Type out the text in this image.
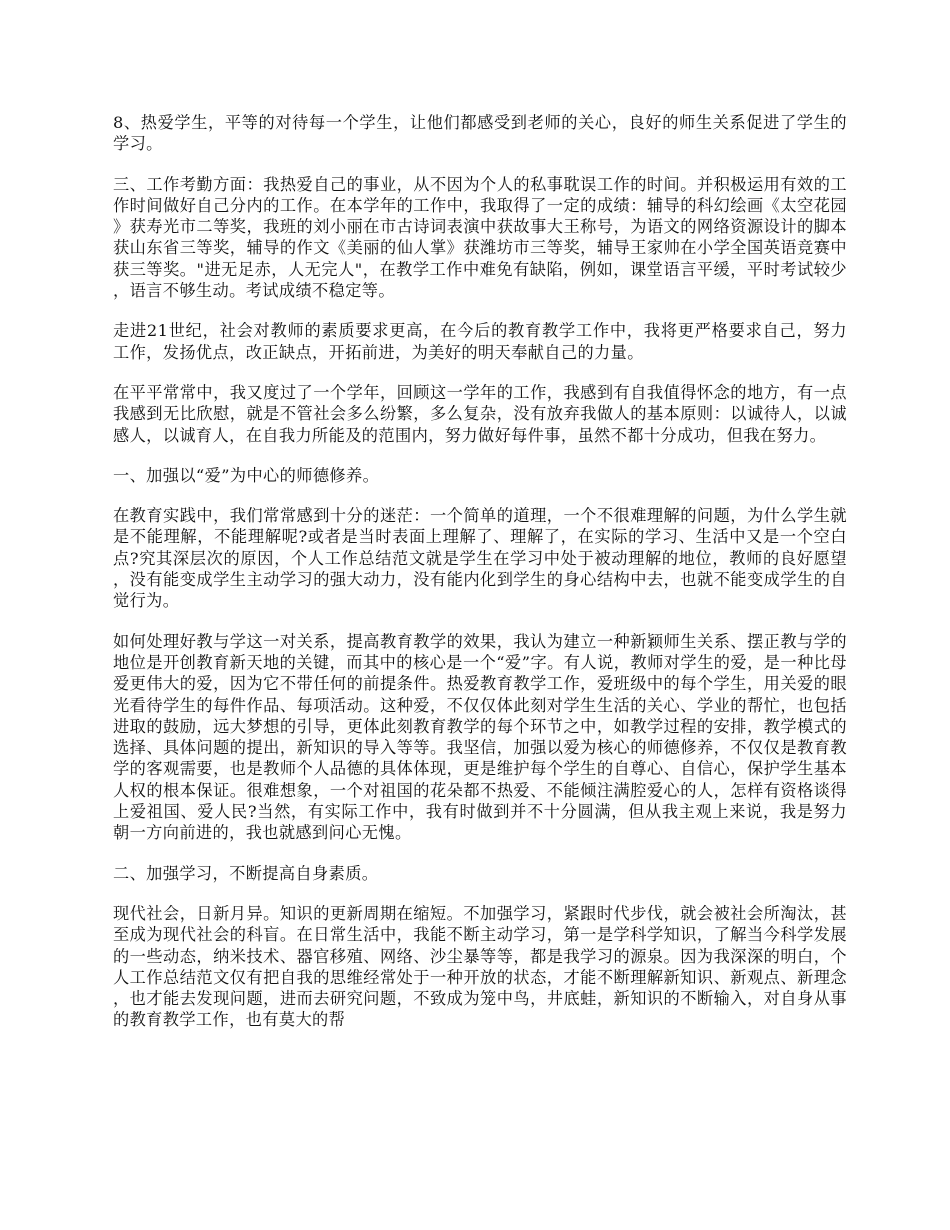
8、热爱学生，平等的对待每一个学生，让他们都感受到老师的关心，良好的师生关系促进了学生的学习。

三、工作考勤方面：我热爱自己的事业，从不因为个人的私事耽误工作的时间。并积极运用有效的工作时间做好自己分内的工作。在本学年的工作中，我取得了一定的成绩：辅导的科幻绘画《太空花园》获寿光市二等奖，我班的刘小丽在市古诗词表演中获故事大王称号，为语文的网络资源设计的脚本获山东省三等奖，辅导的作文《美丽的仙人掌》获潍坊市三等奖，辅导王家帅在小学全国英语竞赛中获三等奖。"进无足赤，人无完人"，在教学工作中难免有缺陷，例如，课堂语言平缓，平时考试较少，语言不够生动。考试成绩不稳定等。

走进21世纪，社会对教师的素质要求更高，在今后的教育教学工作中，我将更严格要求自己，努力工作，发扬优点，改正缺点，开拓前进，为美好的明天奉献自己的力量。

在平平常常中，我又度过了一个学年，回顾这一学年的工作，我感到有自我值得怀念的地方，有一点我感到无比欣慰，就是不管社会多么纷繁，多么复杂，没有放弃我做人的基本原则：以诚待人，以诚感人，以诚育人，在自我力所能及的范围内，努力做好每件事，虽然不都十分成功，但我在努力。

一、加强以“爱”为中心的师德修养。

在教育实践中，我们常常感到十分的迷茫：一个简单的道理，一个不很难理解的问题，为什么学生就是不能理解，不能理解呢?或者是当时表面上理解了、理解了，在实际的学习、生活中又是一个空白点?究其深层次的原因，个人工作总结范文就是学生在学习中处于被动理解的地位，教师的良好愿望，没有能变成学生主动学习的强大动力，没有能内化到学生的身心结构中去，也就不能变成学生的自觉行为。

如何处理好教与学这一对关系，提高教育教学的效果，我认为建立一种新颖师生关系、摆正教与学的地位是开创教育新天地的关键，而其中的核心是一个“爱”字。有人说，教师对学生的爱，是一种比母爱更伟大的爱，因为它不带任何的前提条件。热爱教育教学工作，爱班级中的每个学生，用关爱的眼光看待学生的每件作品、每项活动。这种爱，不仅仅体此刻对学生生活的关心、学业的帮忙，也包括进取的鼓励，远大梦想的引导，更体此刻教育教学的每个环节之中，如教学过程的安排，教学模式的选择、具体问题的提出，新知识的导入等等。我坚信，加强以爱为核心的师德修养，不仅仅是教育教学的客观需要，也是教师个人品德的具体体现，更是维护每个学生的自尊心、自信心，保护学生基本人权的根本保证。很难想象，一个对祖国的花朵都不热爱、不能倾注满腔爱心的人，怎样有资格谈得上爱祖国、爱人民?当然，有实际工作中，我有时做到并不十分圆满，但从我主观上来说，我是努力朝一方向前进的，我也就感到问心无愧。

二、加强学习，不断提高自身素质。

现代社会，日新月异。知识的更新周期在缩短。不加强学习，紧跟时代步伐，就会被社会所淘汰，甚至成为现代社会的科盲。在日常生活中，我能不断主动学习，第一是学科学知识，了解当今科学发展的一些动态，纳米技术、器官移殖、网络、沙尘暴等等，都是我学习的源泉。因为我深深的明白，个人工作总结范文仅有把自我的思维经常处于一种开放的状态，才能不断理解新知识、新观点、新理念，也才能去发现问题，进而去研究问题，不致成为笼中鸟，井底蛙，新知识的不断输入，对自身从事的教育教学工作，也有莫大的帮
